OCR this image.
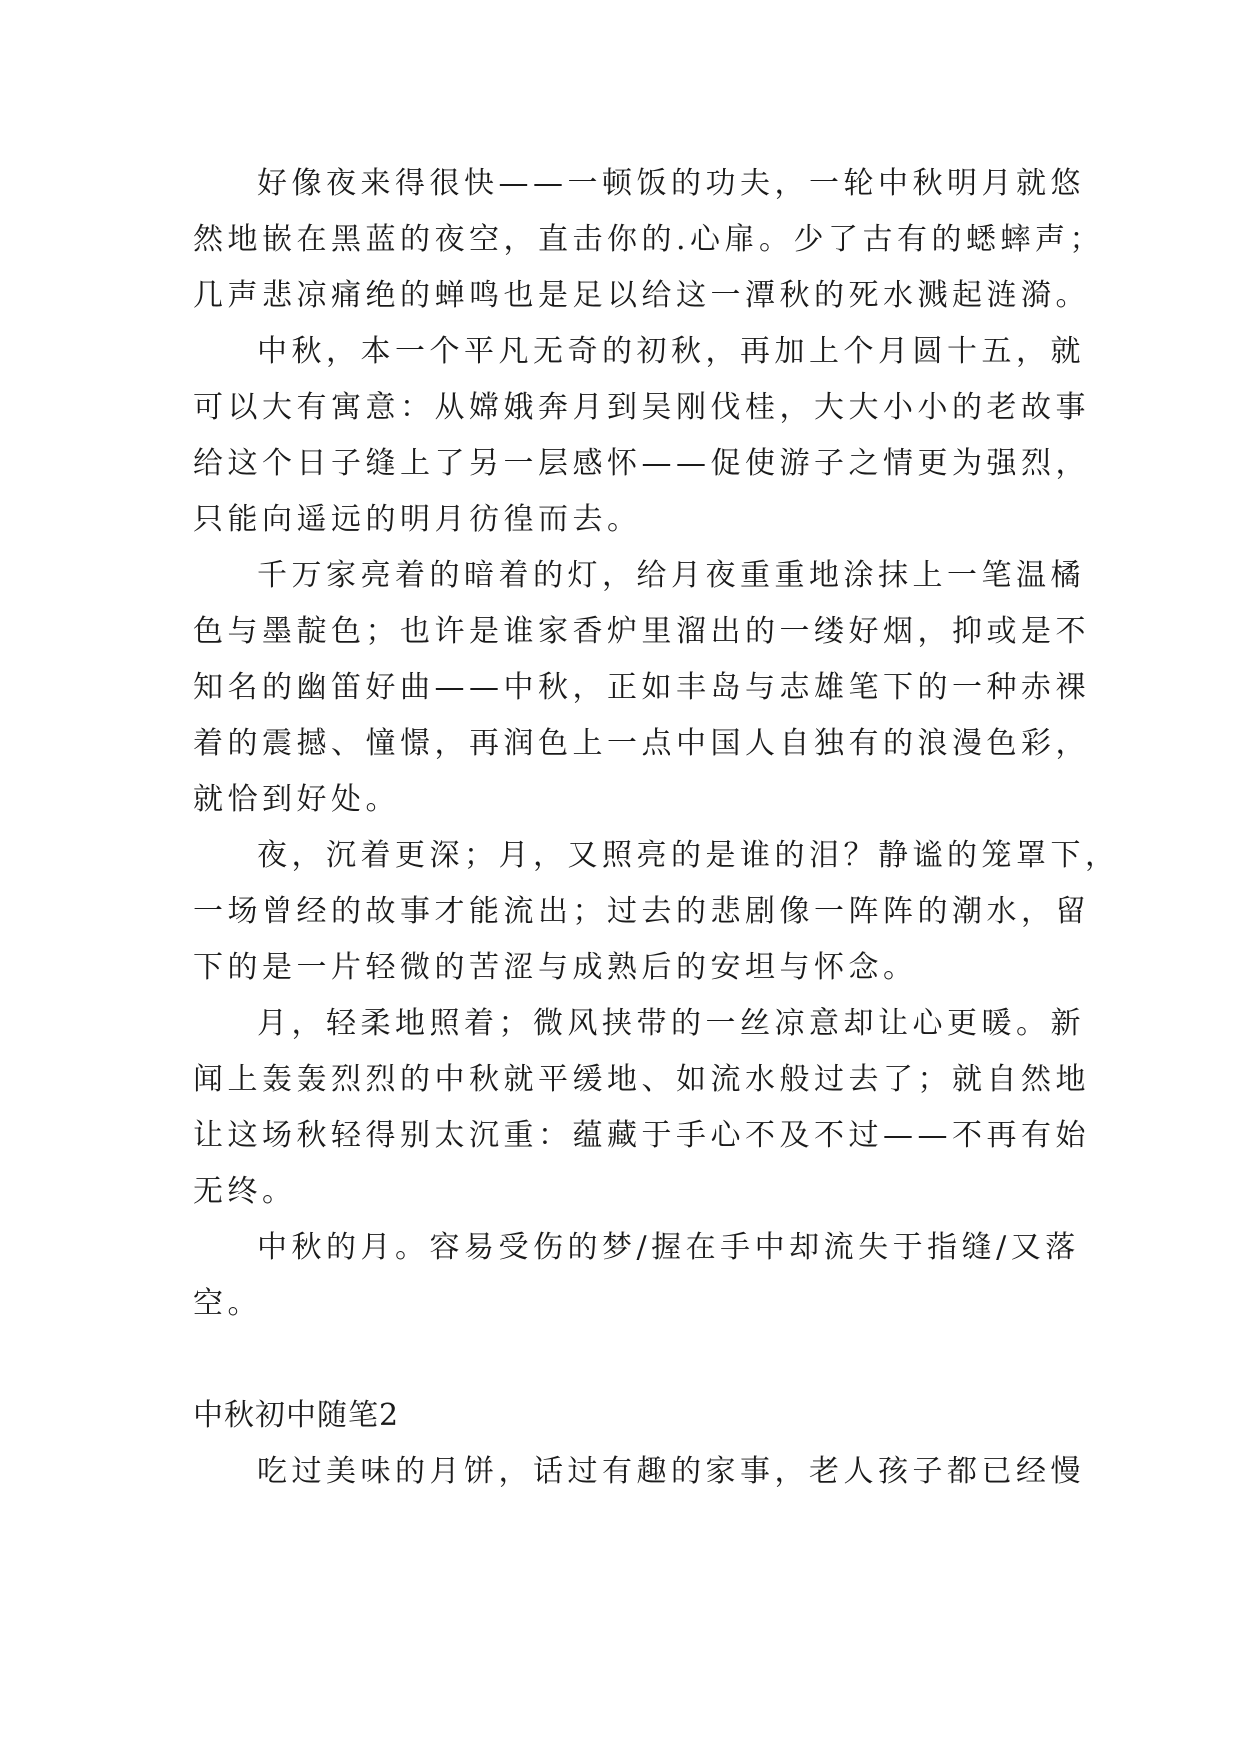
好像夜来得很快——一顿饭的功夫，一轮中秋明月就悠

然地嵌在黑蓝的夜空，直击你的.心扉。少了古有的蟋蟀声；

几声悲凉痛绝的蝉鸣也是足以给这一潭秋的死水溅起涟漪。

中秋，本一个平凡无奇的初秋，再加上个月圆十五，就

可以大有寓意：从嫦娥奔月到吴刚伐桂，大大小小的老故事

给这个日子缝上了另一层感怀——促使游子之情更为强烈，

只能向遥远的明月彷徨而去。

千万家亮着的暗着的灯，给月夜重重地涂抹上一笔温橘

色与墨靛色；也许是谁家香炉里溜出的一缕好烟，抑或是不

知名的幽笛好曲——中秋，正如丰岛与志雄笔下的一种赤裸

着的震撼、憧憬，再润色上一点中国人自独有的浪漫色彩，

就恰到好处。

夜，沉着更深；月，又照亮的是谁的泪？静谧的笼罩下，

一场曾经的故事才能流出；过去的悲剧像一阵阵的潮水，留

下的是一片轻微的苦涩与成熟后的安坦与怀念。

月，轻柔地照着；微风挟带的一丝凉意却让心更暖。新

闻上轰轰烈烈的中秋就平缓地、如流水般过去了；就自然地

让这场秋轻得别太沉重：蕴藏于手心不及不过——不再有始

无终。

中秋的月。容易受伤的梦/握在手中却流失于指缝/又落

空。

中秋初中随笔2

吃过美味的月饼，话过有趣的家事，老人孩子都已经慢
